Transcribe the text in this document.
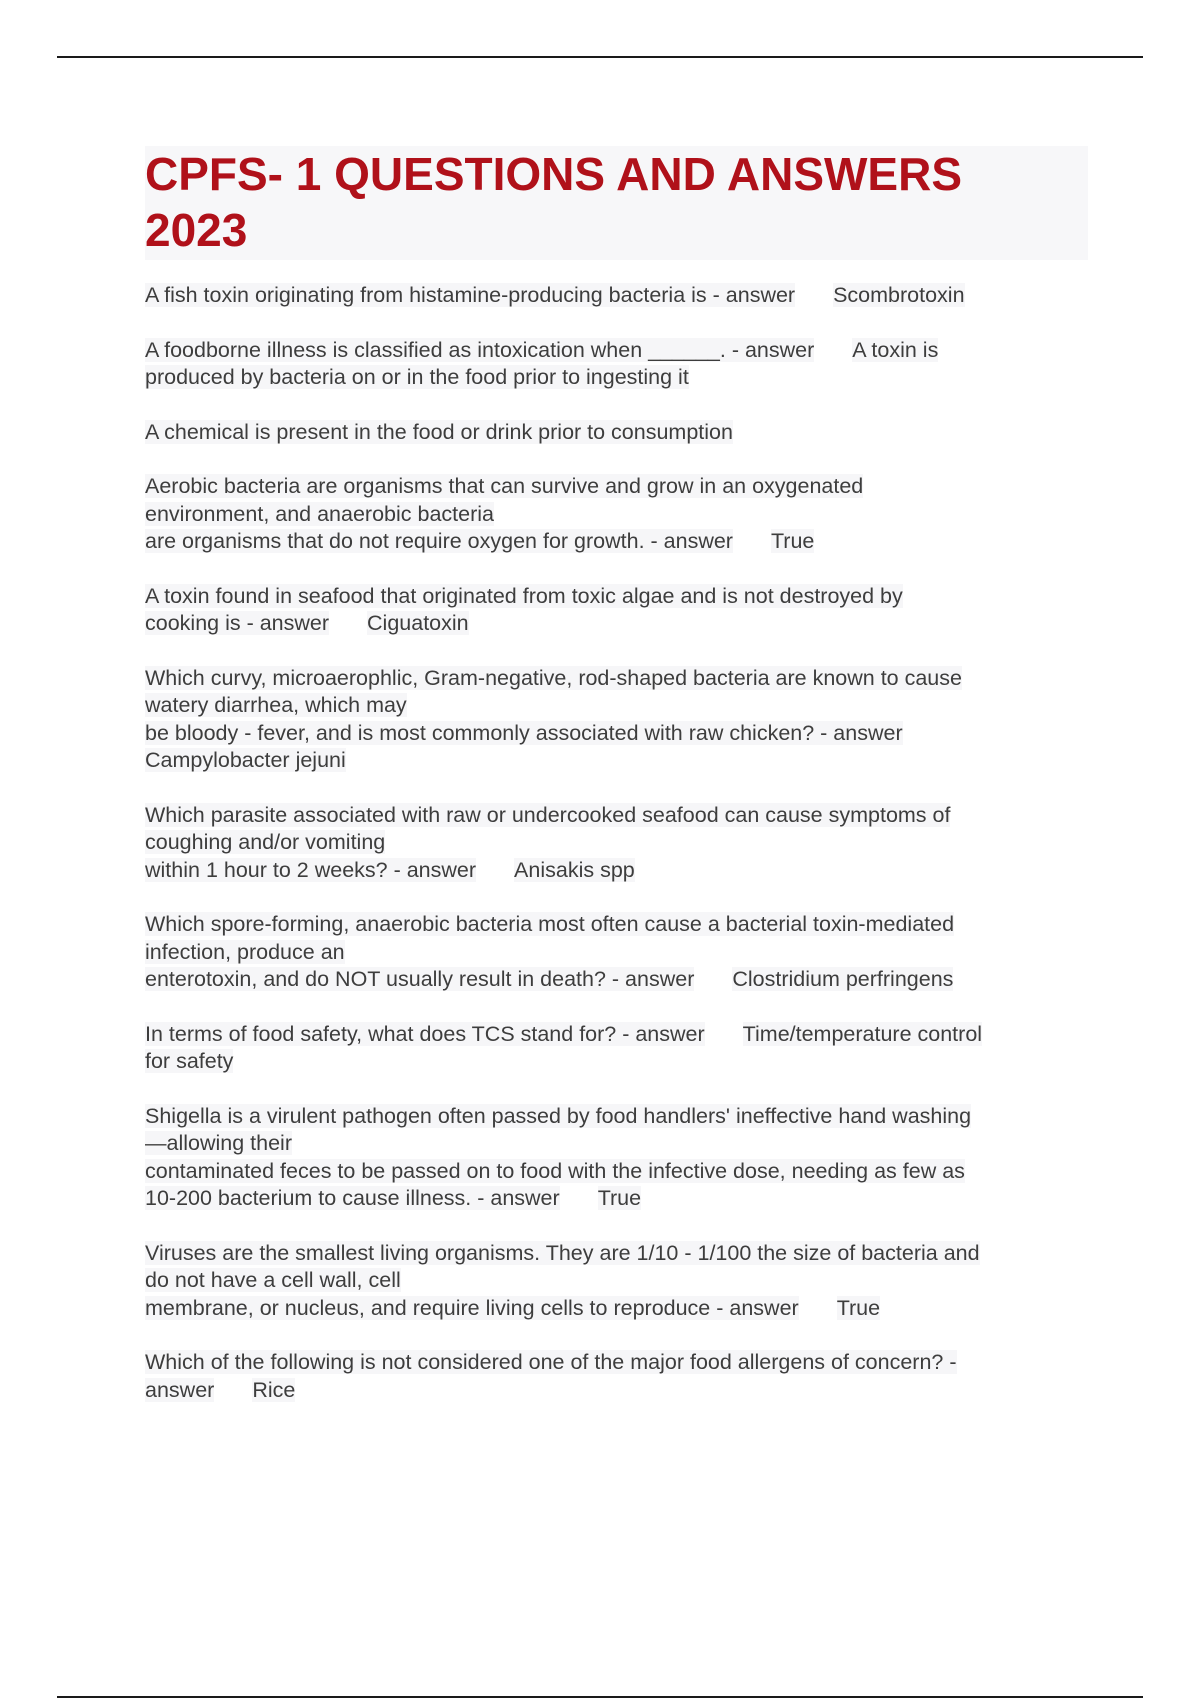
CPFS- 1 QUESTIONS AND ANSWERS
2023
A fish toxin originating from histamine-producing bacteria is - answer Scombrotoxin
A foodborne illness is classified as intoxication when ______. - answer A toxin is
produced by bacteria on or in the food prior to ingesting it
A chemical is present in the food or drink prior to consumption
Aerobic bacteria are organisms that can survive and grow in an oxygenated
environment, and anaerobic bacteria
are organisms that do not require oxygen for growth. - answer True
A toxin found in seafood that originated from toxic algae and is not destroyed by
cooking is - answer Ciguatoxin
Which curvy, microaerophlic, Gram-negative, rod-shaped bacteria are known to cause
watery diarrhea, which may
be bloody - fever, and is most commonly associated with raw chicken? - answer
Campylobacter jejuni
Which parasite associated with raw or undercooked seafood can cause symptoms of
coughing and/or vomiting
within 1 hour to 2 weeks? - answer Anisakis spp
Which spore-forming, anaerobic bacteria most often cause a bacterial toxin-mediated
infection, produce an
enterotoxin, and do NOT usually result in death? - answer Clostridium perfringens
In terms of food safety, what does TCS stand for? - answer Time/temperature control
for safety
Shigella is a virulent pathogen often passed by food handlers' ineffective hand washing
—allowing their
contaminated feces to be passed on to food with the infective dose, needing as few as
10-200 bacterium to cause illness. - answer True
Viruses are the smallest living organisms. They are 1/10 - 1/100 the size of bacteria and
do not have a cell wall, cell
membrane, or nucleus, and require living cells to reproduce - answer True
Which of the following is not considered one of the major food allergens of concern? -
answer Rice
